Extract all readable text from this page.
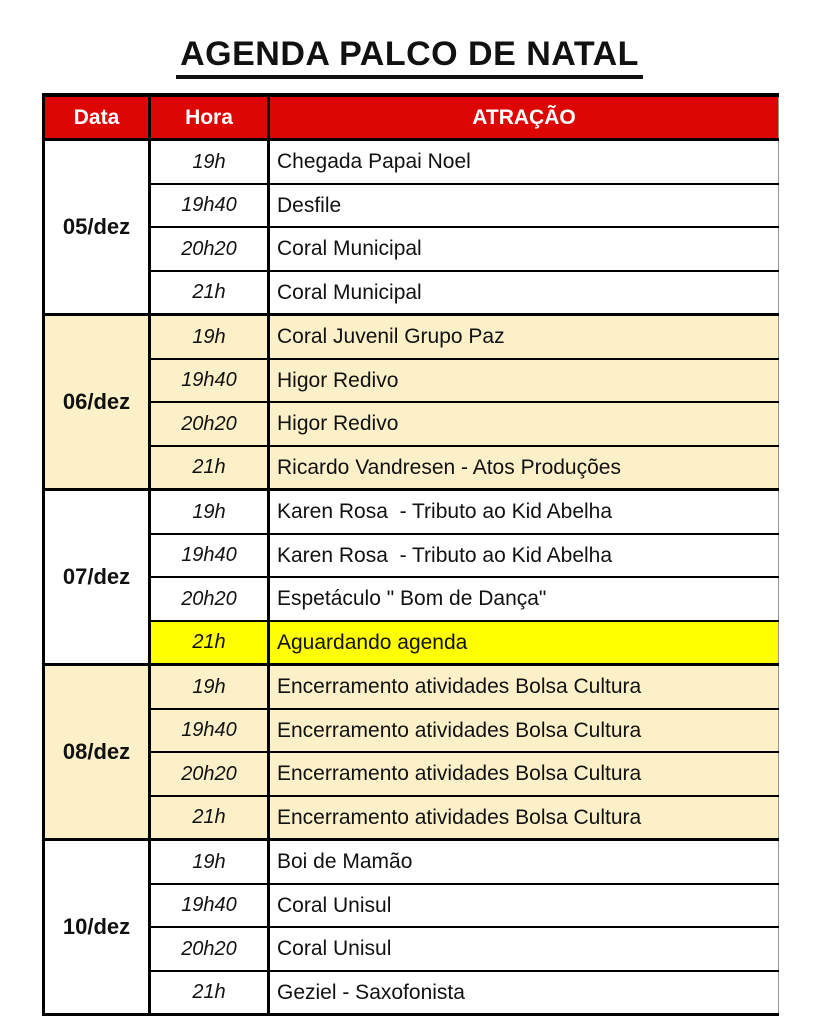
AGENDA PALCO DE NATAL
Data	Hora	ATRAÇÃO
05/dez	19h	Chegada Papai Noel
	19h40	Desfile
	20h20	Coral Municipal
	21h	Coral Municipal
06/dez	19h	Coral Juvenil Grupo Paz
	19h40	Higor Redivo
	20h20	Higor Redivo
	21h	Ricardo Vandresen - Atos Produções
07/dez	19h	Karen Rosa  - Tributo ao Kid Abelha
	19h40	Karen Rosa  - Tributo ao Kid Abelha
	20h20	Espetáculo " Bom de Dança"
	21h	Aguardando agenda
08/dez	19h	Encerramento atividades Bolsa Cultura
	19h40	Encerramento atividades Bolsa Cultura
	20h20	Encerramento atividades Bolsa Cultura
	21h	Encerramento atividades Bolsa Cultura
10/dez	19h	Boi de Mamão
	19h40	Coral Unisul
	20h20	Coral Unisul
	21h	Geziel - Saxofonista
